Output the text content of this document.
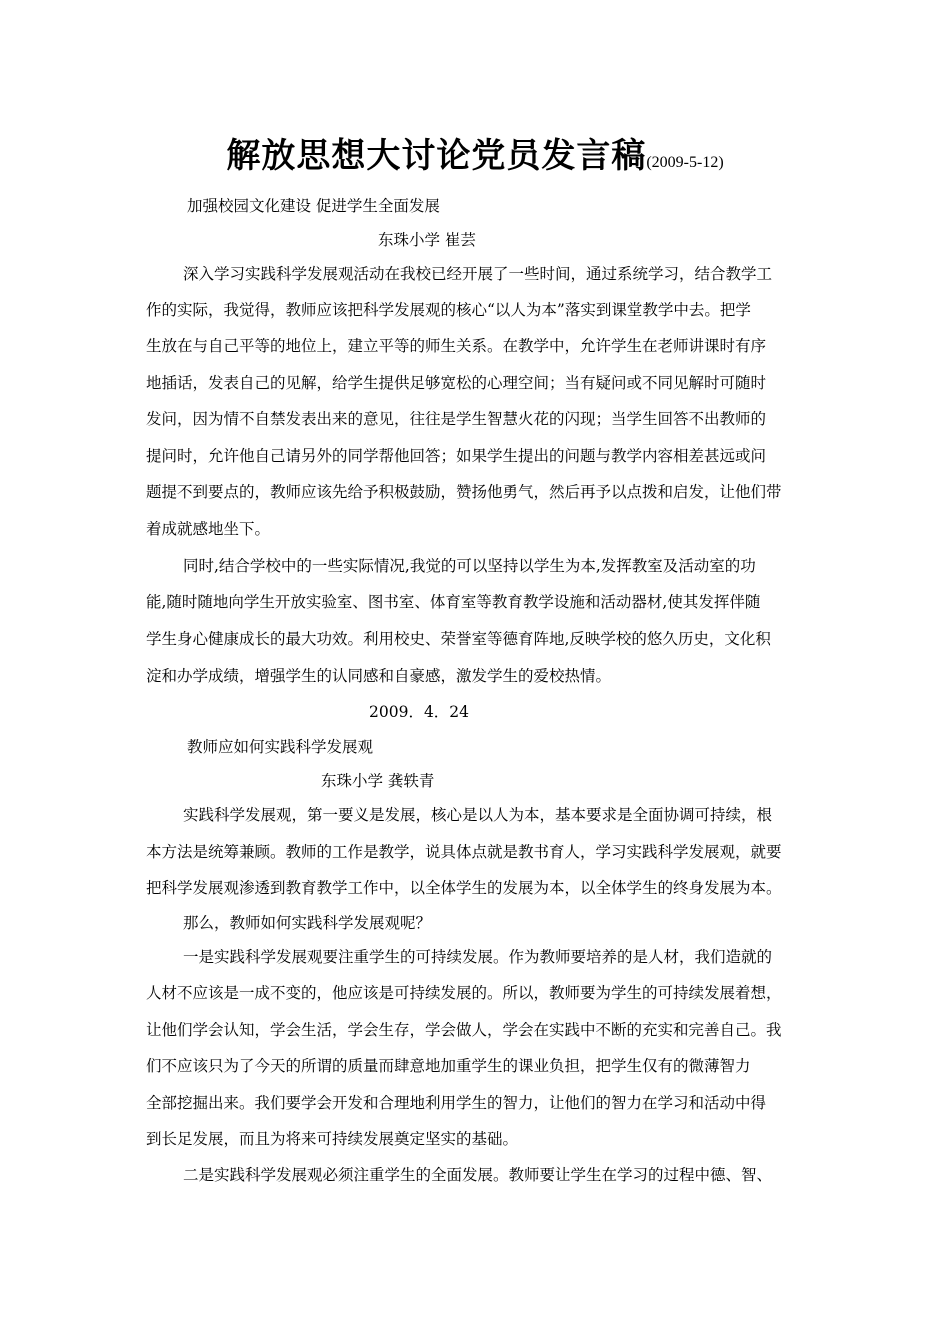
解放思想大讨论党员发言稿(2009-5-12)
加强校园文化建设 促进学生全面发展
东珠小学 崔芸
深入学习实践科学发展观活动在我校已经开展了一些时间，通过系统学习，结合教学工
作的实际，我觉得，教师应该把科学发展观的核心“以人为本”落实到课堂教学中去。把学
生放在与自己平等的地位上，建立平等的师生关系。在教学中，允许学生在老师讲课时有序
地插话，发表自己的见解，给学生提供足够宽松的心理空间；当有疑问或不同见解时可随时
发问，因为情不自禁发表出来的意见，往往是学生智慧火花的闪现；当学生回答不出教师的
提问时，允许他自己请另外的同学帮他回答；如果学生提出的问题与教学内容相差甚远或问
题提不到要点的，教师应该先给予积极鼓励，赞扬他勇气，然后再予以点拨和启发，让他们带
着成就感地坐下。
同时,结合学校中的一些实际情况,我觉的可以坚持以学生为本,发挥教室及活动室的功
能,随时随地向学生开放实验室、图书室、体育室等教育教学设施和活动器材,使其发挥伴随
学生身心健康成长的最大功效。利用校史、荣誉室等德育阵地,反映学校的悠久历史，文化积
淀和办学成绩，增强学生的认同感和自豪感，激发学生的爱校热情。
2009．4．24
教师应如何实践科学发展观
东珠小学 龚轶青
实践科学发展观，第一要义是发展，核心是以人为本，基本要求是全面协调可持续，根
本方法是统筹兼顾。教师的工作是教学，说具体点就是教书育人，学习实践科学发展观，就要
把科学发展观渗透到教育教学工作中，以全体学生的发展为本，以全体学生的终身发展为本。
那么，教师如何实践科学发展观呢？
一是实践科学发展观要注重学生的可持续发展。作为教师要培养的是人材，我们造就的
人材不应该是一成不变的，他应该是可持续发展的。所以，教师要为学生的可持续发展着想，
让他们学会认知，学会生活，学会生存，学会做人，学会在实践中不断的充实和完善自己。我
们不应该只为了今天的所谓的质量而肆意地加重学生的课业负担，把学生仅有的微薄智力
全部挖掘出来。我们要学会开发和合理地利用学生的智力，让他们的智力在学习和活动中得
到长足发展，而且为将来可持续发展奠定坚实的基础。
二是实践科学发展观必须注重学生的全面发展。教师要让学生在学习的过程中德、智、
